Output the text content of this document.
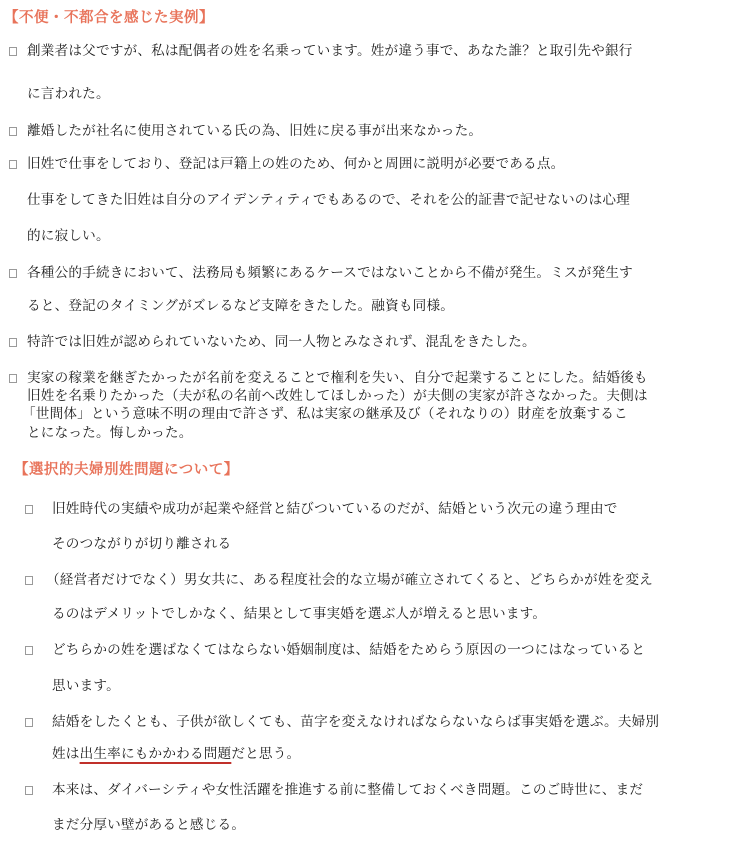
【不便・不都合を感じた実例】
創業者は父ですが、私は配偶者の姓を名乗っています。姓が違う事で、あなた誰？と取引先や銀行
に言われた。
離婚したが社名に使用されている氏の為、旧姓に戻る事が出来なかった。
旧姓で仕事をしており、登記は戸籍上の姓のため、何かと周囲に説明が必要である点。
仕事をしてきた旧姓は自分のアイデンティティでもあるので、それを公的証書で記せないのは心理
的に寂しい。
各種公的手続きにおいて、法務局も頻繁にあるケースではないことから不備が発生。ミスが発生す
ると、登記のタイミングがズレるなど支障をきたした。融資も同様。
特許では旧姓が認められていないため、同一人物とみなされず、混乱をきたした。
実家の稼業を継ぎたかったが名前を変えることで権利を失い、自分で起業することにした。結婚後も
旧姓を名乗りたかった（夫が私の名前へ改姓してほしかった）が夫側の実家が許さなかった。夫側は
「世間体」という意味不明の理由で許さず、私は実家の継承及び（それなりの）財産を放棄するこ
とになった。悔しかった。
【選択的夫婦別姓問題について】
旧姓時代の実績や成功が起業や経営と結びついているのだが、結婚という次元の違う理由で
そのつながりが切り離される
（経営者だけでなく）男女共に、ある程度社会的な立場が確立されてくると、どちらかが姓を変え
るのはデメリットでしかなく、結果として事実婚を選ぶ人が増えると思います。
どちらかの姓を選ばなくてはならない婚姻制度は、結婚をためらう原因の一つにはなっていると
思います。
結婚をしたくとも、子供が欲しくても、苗字を変えなければならないならば事実婚を選ぶ。夫婦別
姓は出生率にもかかわる問題だと思う。
本来は、ダイバーシティや女性活躍を推進する前に整備しておくべき問題。このご時世に、まだ
まだ分厚い壁があると感じる。
